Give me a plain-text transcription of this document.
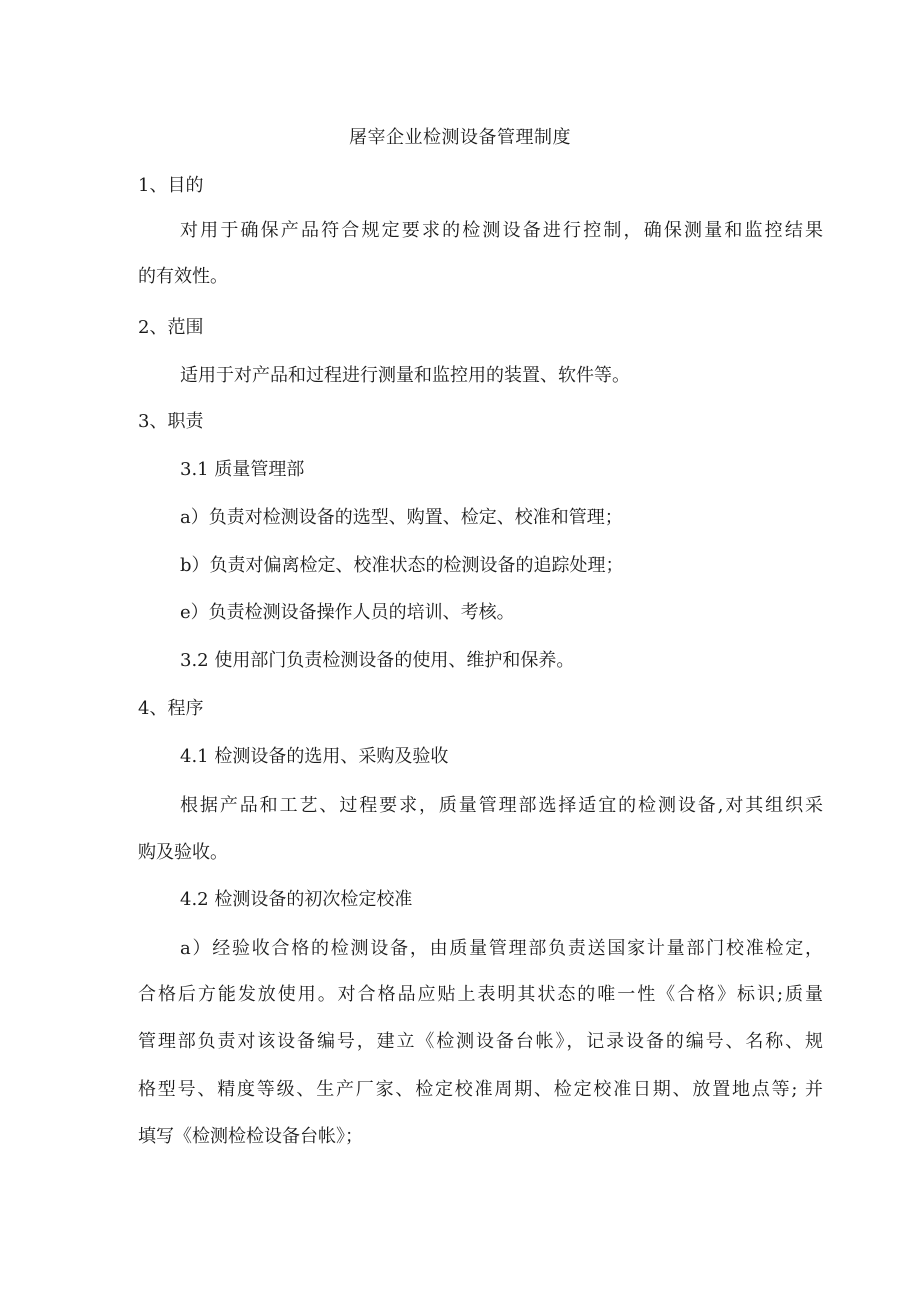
屠宰企业检测设备管理制度
1、目的
对用于确保产品符合规定要求的检测设备进行控制，确保测量和监控结果
的有效性。
2、范围
适用于对产品和过程进行测量和监控用的装置、软件等。
3、职责
3.1 质量管理部
a）负责对检测设备的选型、购置、检定、校准和管理；
b）负责对偏离检定、校准状态的检测设备的追踪处理；
e）负责检测设备操作人员的培训、考核。
3.2 使用部门负责检测设备的使用、维护和保养。
4、程序
4.1 检测设备的选用、采购及验收
根据产品和工艺、过程要求，质量管理部选择适宜的检测设备,对其组织采
购及验收。
4.2 检测设备的初次检定校准
a）经验收合格的检测设备，由质量管理部负责送国家计量部门校准检定，
合格后方能发放使用。对合格品应贴上表明其状态的唯一性《合格》标识;质量
管理部负责对该设备编号，建立《检测设备台帐》，记录设备的编号、名称、规
格型号、精度等级、生产厂家、检定校准周期、检定校准日期、放置地点等; 并
填写《检测检检设备台帐》；
